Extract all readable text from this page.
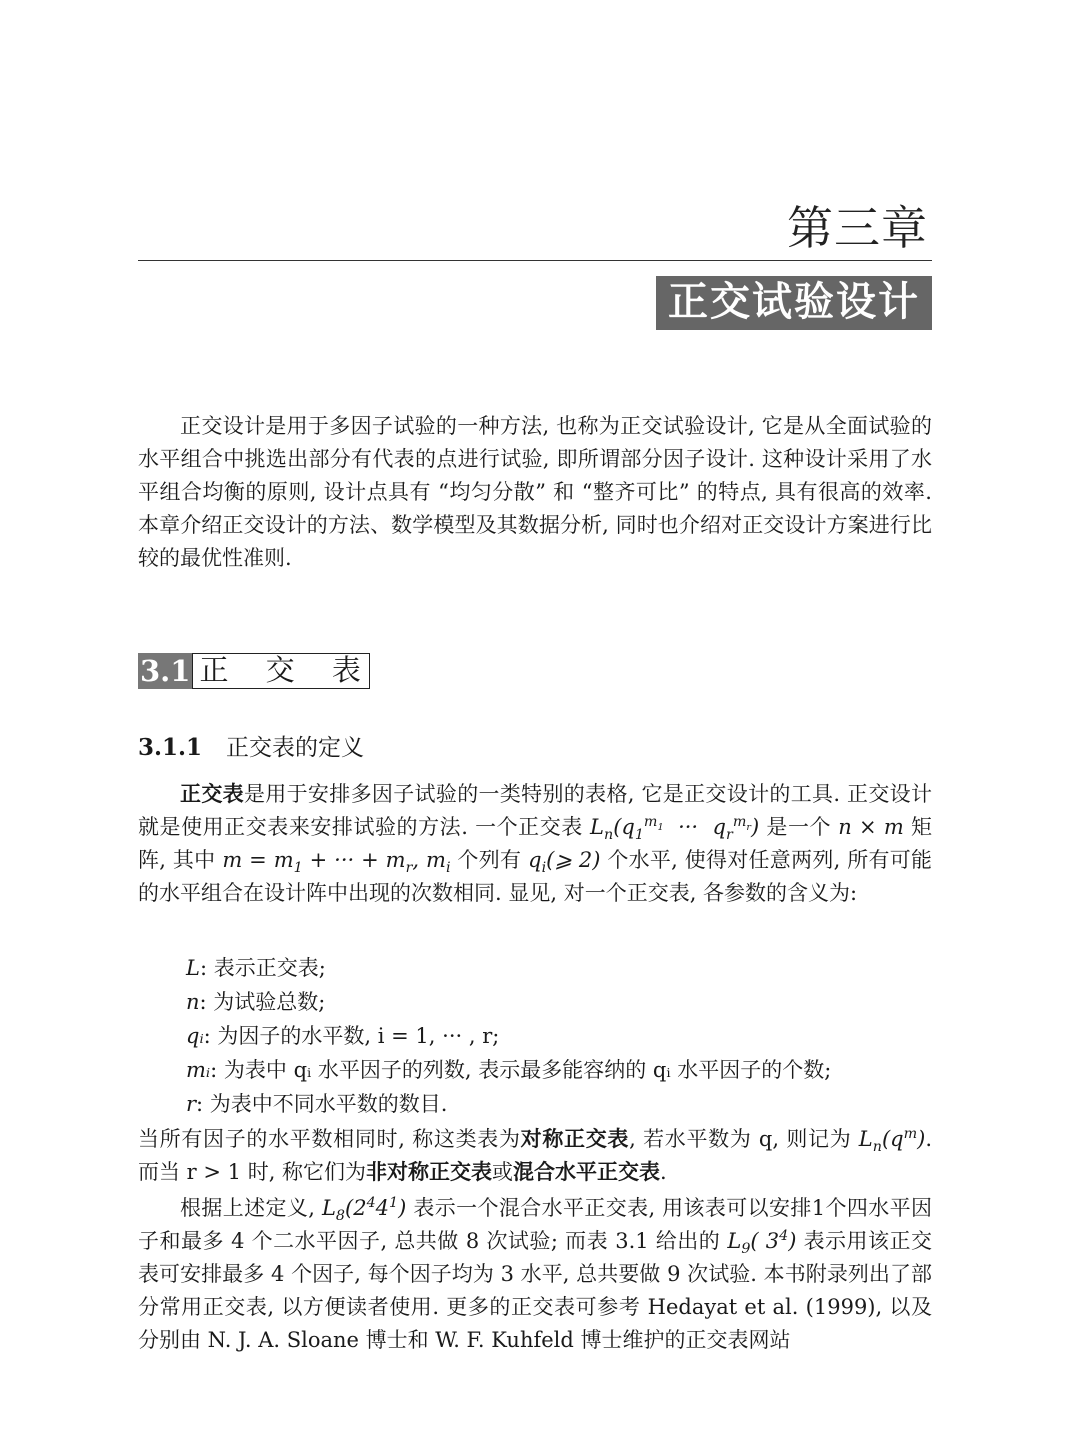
第三章
正交试验设计

正交设计是用于多因子试验的一种方法, 也称为正交试验设计, 它是从全面试验的水平组合中挑选出部分有代表的点进行试验, 即所谓部分因子设计. 这种设计采用了水平组合均衡的原则, 设计点具有 “均匀分散” 和 “整齐可比” 的特点, 具有很高的效率. 本章介绍正交设计的方法、数学模型及其数据分析, 同时也介绍对正交设计方案进行比较的最优性准则.

3.1 正 交 表
3.1.1 正交表的定义

正交表是用于安排多因子试验的一类特别的表格, 它是正交设计的工具. 正交设计就是使用正交表来安排试验的方法. 一个正交表 $L_n(q_1^{m_1}$  ···  $q_r^{m_r}$) 是一个 n × m 矩阵, 其中 $m = m_1$ + ··· + $m_r$, $m_i$ 个列有 $q_i(⩾$ 2) 个水平, 使得对任意两列, 所有可能的水平组合在设计阵中出现的次数相同. 显见, 对一个正交表, 各参数的含义为:

L: 表示正交表;
n: 为试验总数;
qᵢ: 为因子的水平数, i = 1, ··· , r;
mᵢ: 为表中 qᵢ 水平因子的列数, 表示最多能容纳的 qᵢ 水平因子的个数;
r: 为表中不同水平数的数目.

当所有因子的水平数相同时, 称这类表为对称正交表, 若水平数为 q, 则记为 $L_n(q^m)$. 而当 r > 1 时, 称它们为非对称正交表或混合水平正交表.

根据上述定义, $L_8(2^44^1)$ 表示一个混合水平正交表, 用该表可以安排1个四水平因子和最多 4 个二水平因子, 总共做 8 次试验; 而表 3.1 给出的 $L_9$( $3^4$) 表示用该正交表可安排最多 4 个因子, 每个因子均为 3 水平, 总共要做 9 次试验. 本书附录列出了部分常用正交表, 以方便读者使用. 更多的正交表可参考 Hedayat et al. (1999), 以及分别由 N. J. A. Sloane 博士和 W. F. Kuhfeld 博士维护的正交表网站
